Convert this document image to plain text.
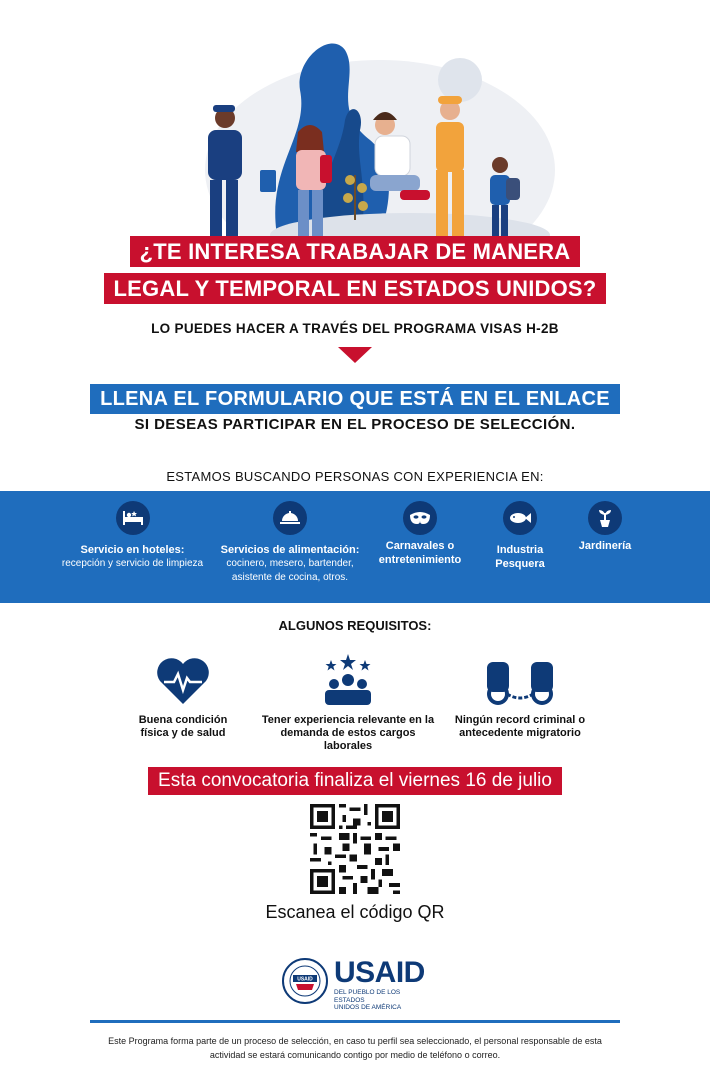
¿TE INTERESA TRABAJAR DE MANERA
LEGAL Y TEMPORAL EN ESTADOS UNIDOS?
LO PUEDES HACER A TRAVÉS DEL PROGRAMA VISAS H-2B
LLENA EL FORMULARIO QUE ESTÁ EN EL ENLACE
SI DESEAS PARTICIPAR EN EL PROCESO DE SELECCIÓN.
ESTAMOS BUSCANDO PERSONAS CON EXPERIENCIA EN:
Servicio en hoteles:
recepción y servicio de limpieza
Servicios de alimentación:
cocinero, mesero, bartender, asistente de cocina, otros.
Carnavales o entretenimiento
Industria Pesquera
Jardinería
ALGUNOS REQUISITOS:
Buena condición física y de salud
Tener experiencia relevante en la demanda de estos cargos laborales
Ningún record criminal o antecedente migratorio
Esta convocatoria finaliza el viernes 16 de julio
Escanea el código QR
USAID USAID
DEL PUEBLO DE LOS ESTADOS
UNIDOS DE AMÉRICA
Este Programa forma parte de un proceso de selección, en caso tu perfil sea seleccionado, el personal responsable de esta actividad se estará comunicando contigo por medio de teléfono o correo.
